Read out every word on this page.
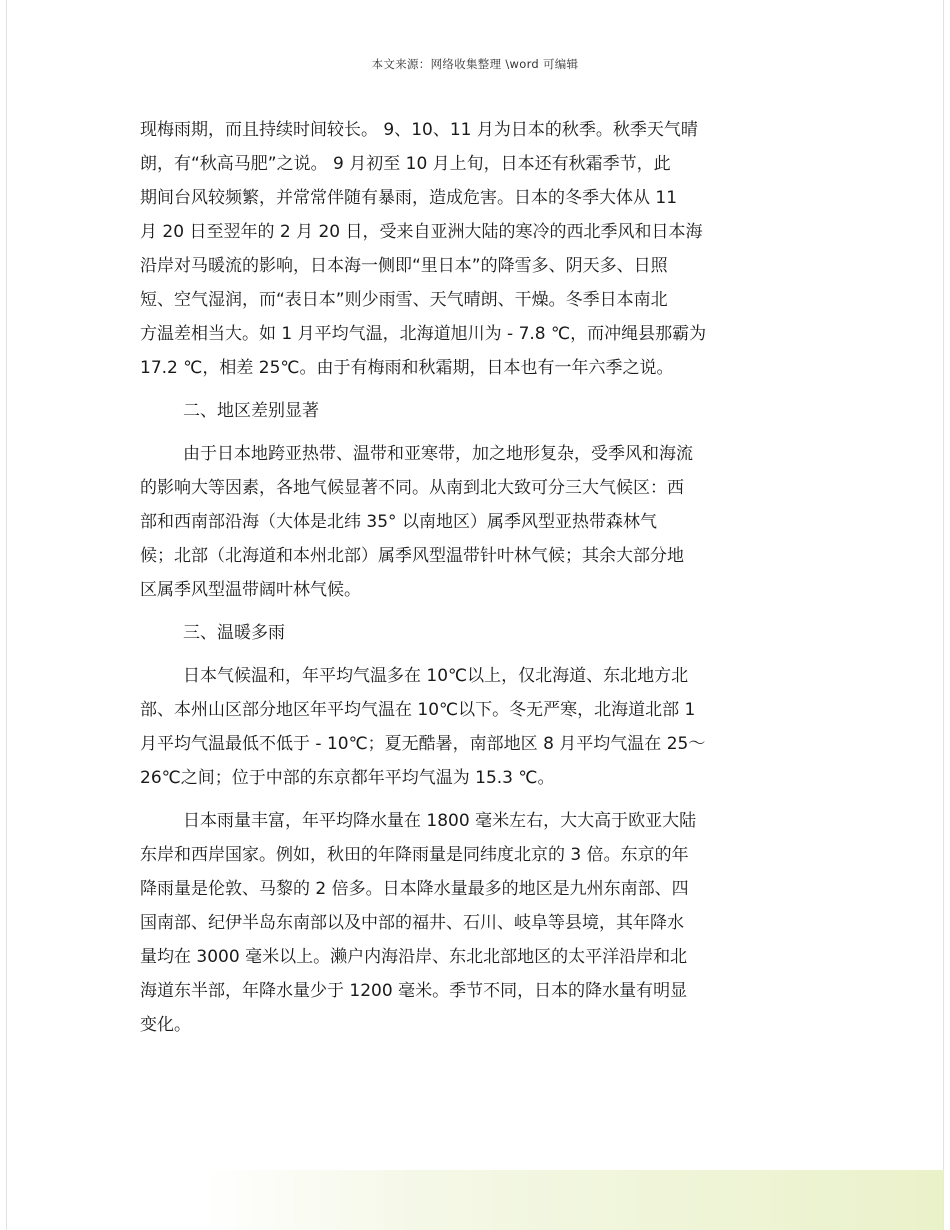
本文来源：网络收集整理 \word 可编辑
现梅雨期，而且持续时间较长。 9、10、11 月为日本的秋季。秋季天气晴
朗，有“秋高马肥”之说。 9 月初至 10 月上旬，日本还有秋霜季节，此
期间台风较频繁，并常常伴随有暴雨，造成危害。日本的冬季大体从 11
月 20 日至翌年的 2 月 20 日，受来自亚洲大陆的寒冷的西北季风和日本海
沿岸对马暖流的影响，日本海一侧即“里日本”的降雪多、阴天多、日照
短、空气湿润，而“表日本”则少雨雪、天气晴朗、干燥。冬季日本南北
方温差相当大。如 1 月平均气温，北海道旭川为 - 7.8 ℃，而冲绳县那霸为
17.2 ℃，相差 25℃。由于有梅雨和秋霜期，日本也有一年六季之说。
二、地区差别显著
由于日本地跨亚热带、温带和亚寒带，加之地形复杂，受季风和海流
的影响大等因素，各地气候显著不同。从南到北大致可分三大气候区：西
部和西南部沿海（大体是北纬 35° 以南地区）属季风型亚热带森林气
候；北部（北海道和本州北部）属季风型温带针叶林气候；其余大部分地
区属季风型温带阔叶林气候。
三、温暖多雨
日本气候温和，年平均气温多在 10℃以上，仅北海道、东北地方北
部、本州山区部分地区年平均气温在 10℃以下。冬无严寒，北海道北部 1
月平均气温最低不低于 - 10℃；夏无酷暑，南部地区 8 月平均气温在 25～
26℃之间；位于中部的东京都年平均气温为 15.3 ℃。
日本雨量丰富，年平均降水量在 1800 毫米左右，大大高于欧亚大陆
东岸和西岸国家。例如，秋田的年降雨量是同纬度北京的 3 倍。东京的年
降雨量是伦敦、马黎的 2 倍多。日本降水量最多的地区是九州东南部、四
国南部、纪伊半岛东南部以及中部的福井、石川、岐阜等县境，其年降水
量均在 3000 毫米以上。濑户内海沿岸、东北北部地区的太平洋沿岸和北
海道东半部，年降水量少于 1200 毫米。季节不同，日本的降水量有明显
变化。
